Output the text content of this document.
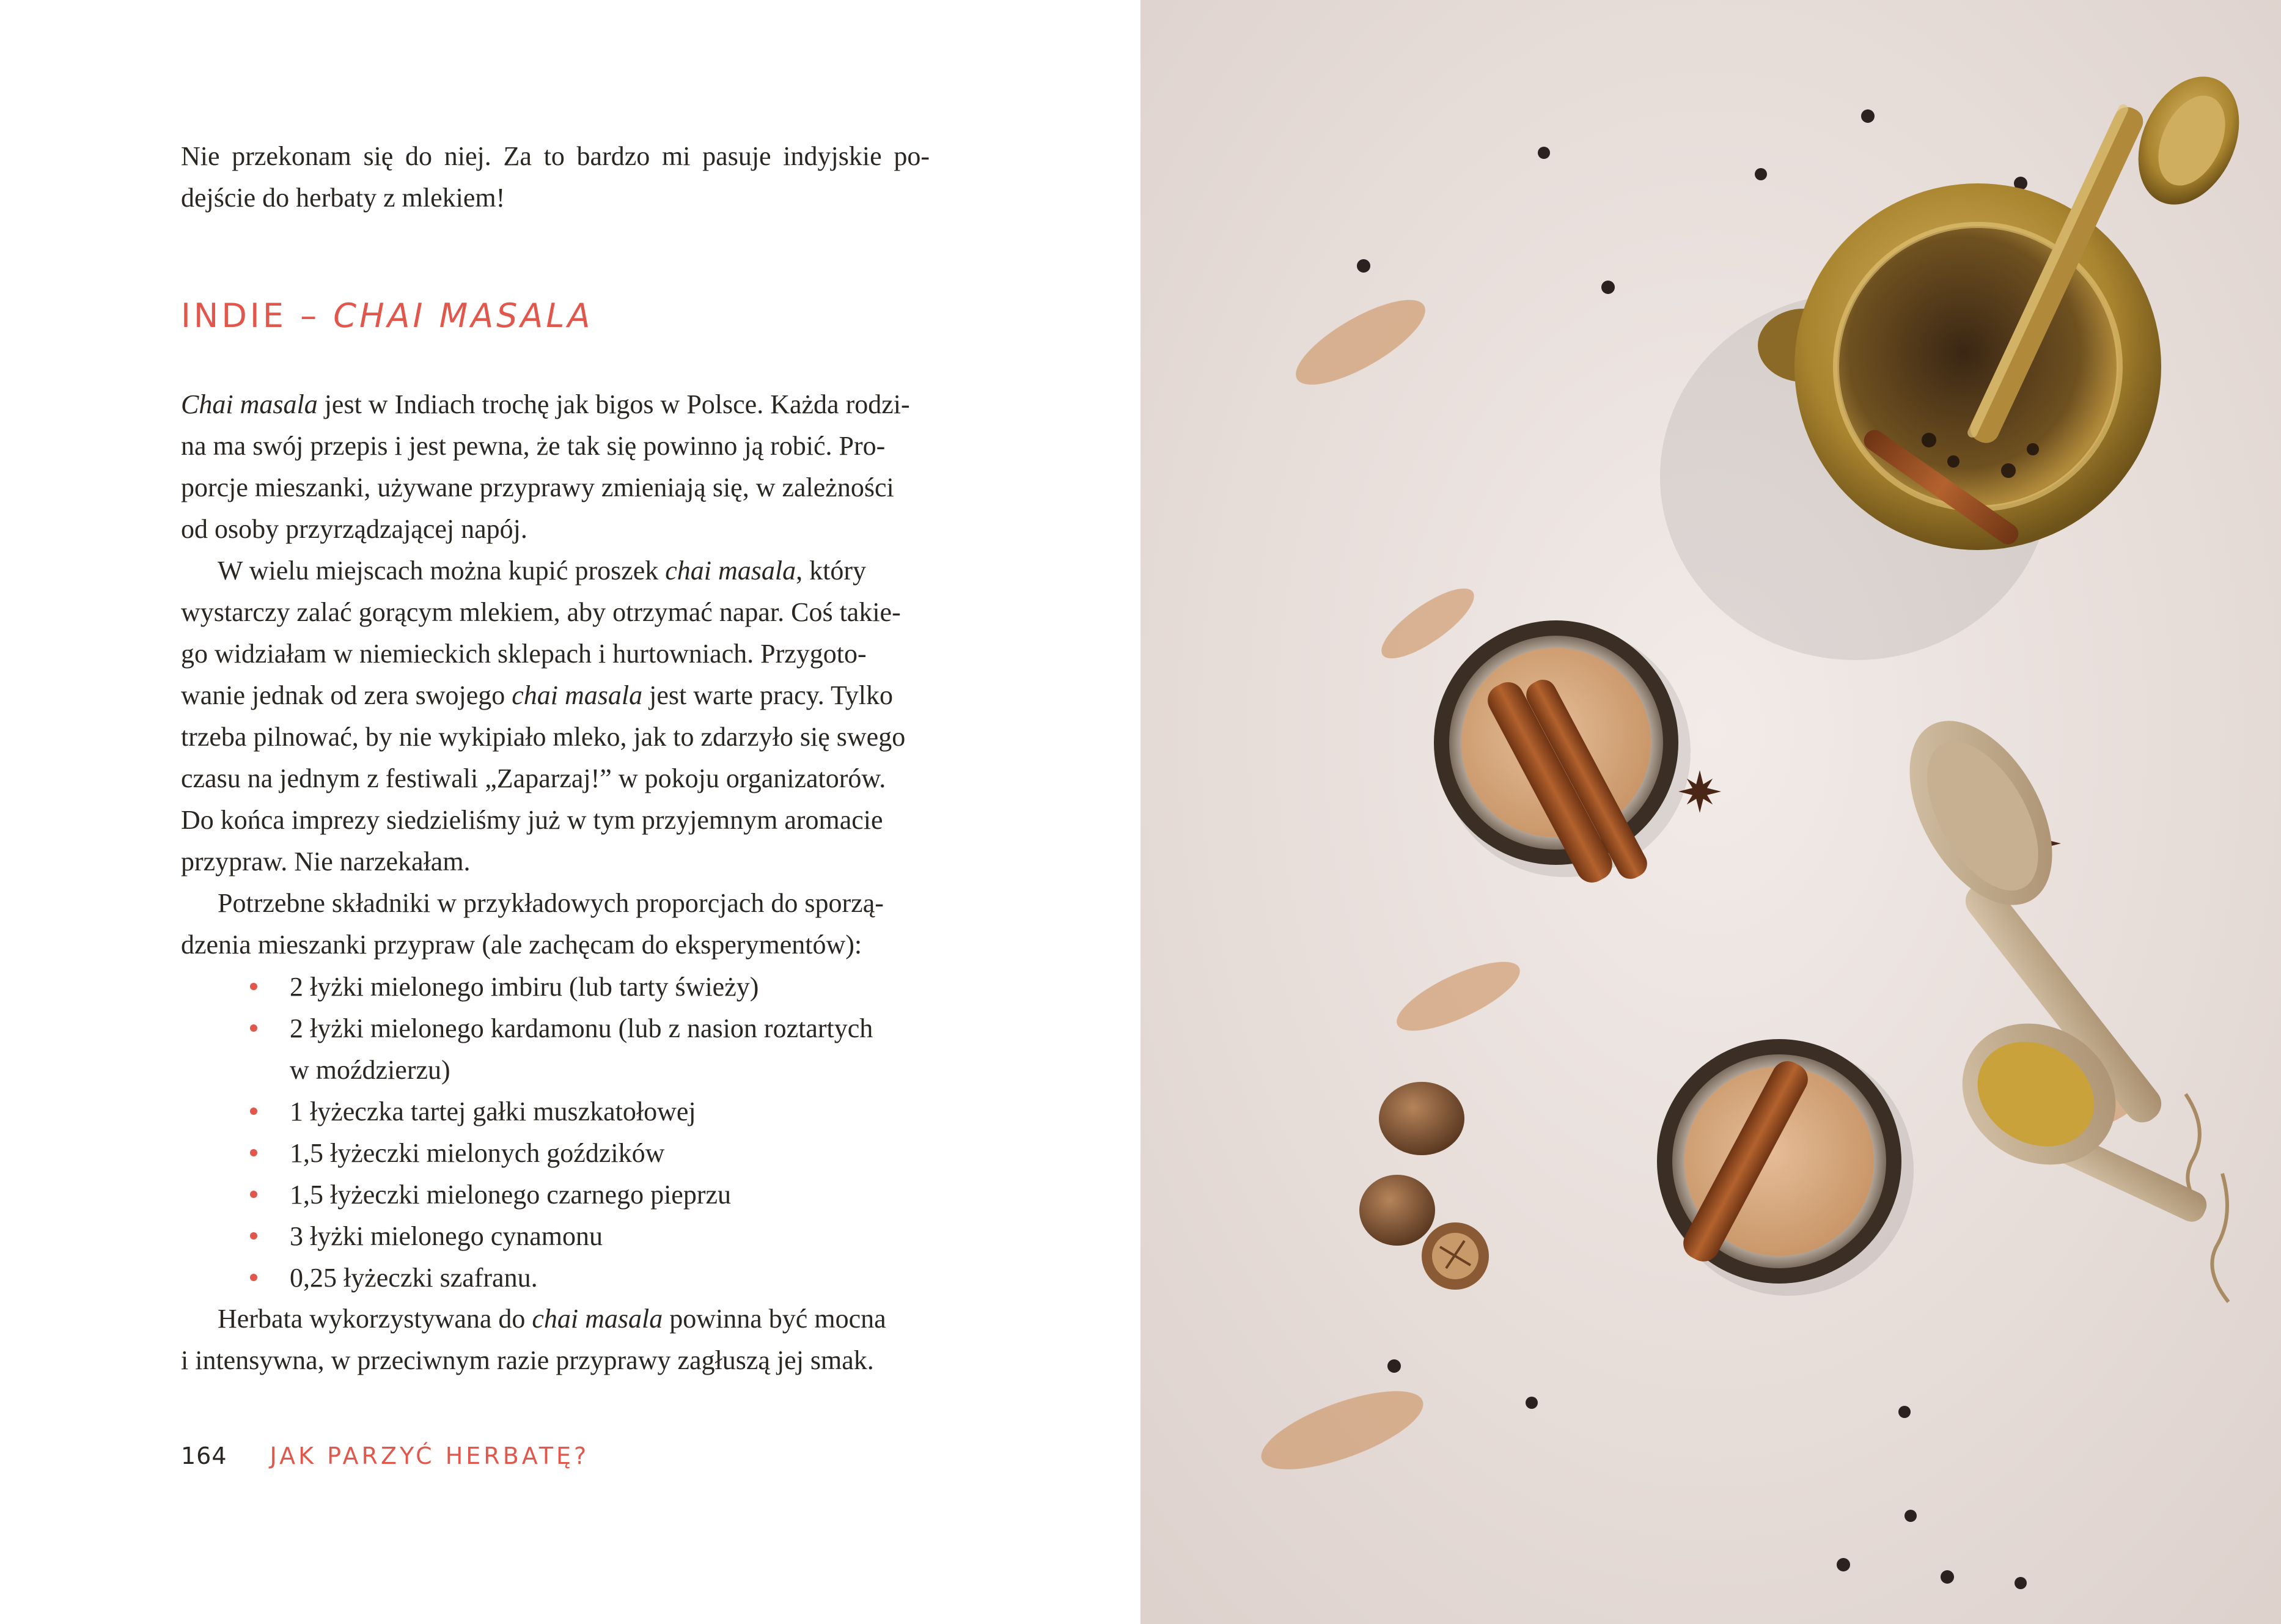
Nie przekonam się do niej. Za to bardzo mi pasuje indyjskie po-
dejście do herbaty z mlekiem!

INDIE – CHAI MASALA

Chai masala jest w Indiach trochę jak bigos w Polsce. Każda rodzi-
na ma swój przepis i jest pewna, że tak się powinno ją robić. Pro-
porcje mieszanki, używane przyprawy zmieniają się, w zależności
od osoby przyrządzającej napój.

W wielu miejscach można kupić proszek chai masala, który
wystarczy zalać gorącym mlekiem, aby otrzymać napar. Coś takie-
go widziałam w niemieckich sklepach i hurtowniach. Przygoto-
wanie jednak od zera swojego chai masala jest warte pracy. Tylko
trzeba pilnować, by nie wykipiało mleko, jak to zdarzyło się swego
czasu na jednym z festiwali „Zaparzaj!” w pokoju organizatorów.
Do końca imprezy siedzieliśmy już w tym przyjemnym aromacie
przypraw. Nie narzekałam.

Potrzebne składniki w przykładowych proporcjach do sporzą-
dzenia mieszanki przypraw (ale zachęcam do eksperymentów):

2 łyżki mielonego imbiru (lub tarty świeży)
2 łyżki mielonego kardamonu (lub z nasion roztartych
w moździerzu)
1 łyżeczka tartej gałki muszkatołowej
1,5 łyżeczki mielonych goździków
1,5 łyżeczki mielonego czarnego pieprzu
3 łyżki mielonego cynamonu
0,25 łyżeczki szafranu.

Herbata wykorzystywana do chai masala powinna być mocna
i intensywna, w przeciwnym razie przyprawy zagłuszą jej smak.

164 JAK PARZYĆ HERBATĘ?
